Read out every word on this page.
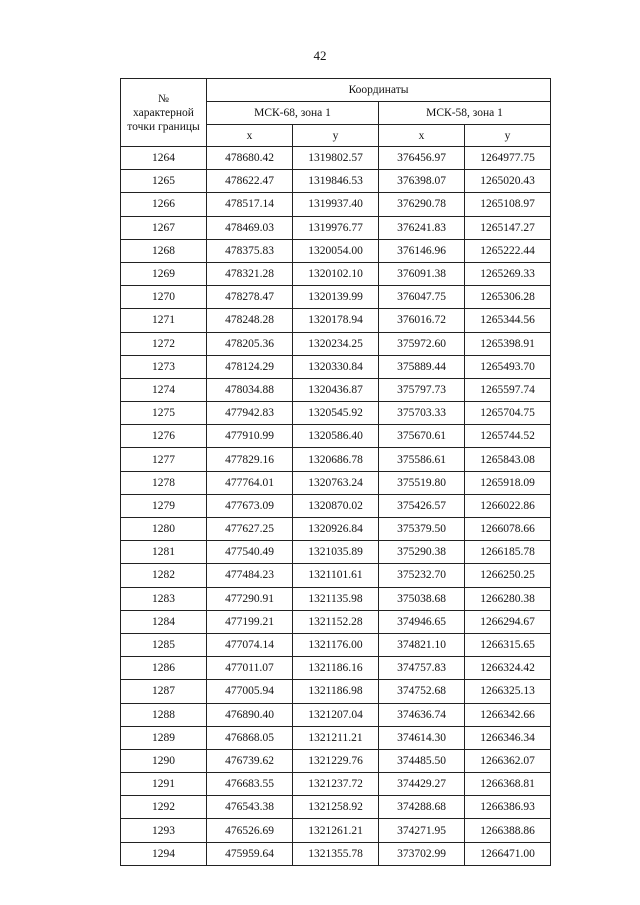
42
№
характерной
точки границы	Координаты			
	МСК-68, зона 1		МСК-58, зона 1	
	x	y	x	y
1264	478680.42	1319802.57	376456.97	1264977.75
1265	478622.47	1319846.53	376398.07	1265020.43
1266	478517.14	1319937.40	376290.78	1265108.97
1267	478469.03	1319976.77	376241.83	1265147.27
1268	478375.83	1320054.00	376146.96	1265222.44
1269	478321.28	1320102.10	376091.38	1265269.33
1270	478278.47	1320139.99	376047.75	1265306.28
1271	478248.28	1320178.94	376016.72	1265344.56
1272	478205.36	1320234.25	375972.60	1265398.91
1273	478124.29	1320330.84	375889.44	1265493.70
1274	478034.88	1320436.87	375797.73	1265597.74
1275	477942.83	1320545.92	375703.33	1265704.75
1276	477910.99	1320586.40	375670.61	1265744.52
1277	477829.16	1320686.78	375586.61	1265843.08
1278	477764.01	1320763.24	375519.80	1265918.09
1279	477673.09	1320870.02	375426.57	1266022.86
1280	477627.25	1320926.84	375379.50	1266078.66
1281	477540.49	1321035.89	375290.38	1266185.78
1282	477484.23	1321101.61	375232.70	1266250.25
1283	477290.91	1321135.98	375038.68	1266280.38
1284	477199.21	1321152.28	374946.65	1266294.67
1285	477074.14	1321176.00	374821.10	1266315.65
1286	477011.07	1321186.16	374757.83	1266324.42
1287	477005.94	1321186.98	374752.68	1266325.13
1288	476890.40	1321207.04	374636.74	1266342.66
1289	476868.05	1321211.21	374614.30	1266346.34
1290	476739.62	1321229.76	374485.50	1266362.07
1291	476683.55	1321237.72	374429.27	1266368.81
1292	476543.38	1321258.92	374288.68	1266386.93
1293	476526.69	1321261.21	374271.95	1266388.86
1294	475959.64	1321355.78	373702.99	1266471.00
